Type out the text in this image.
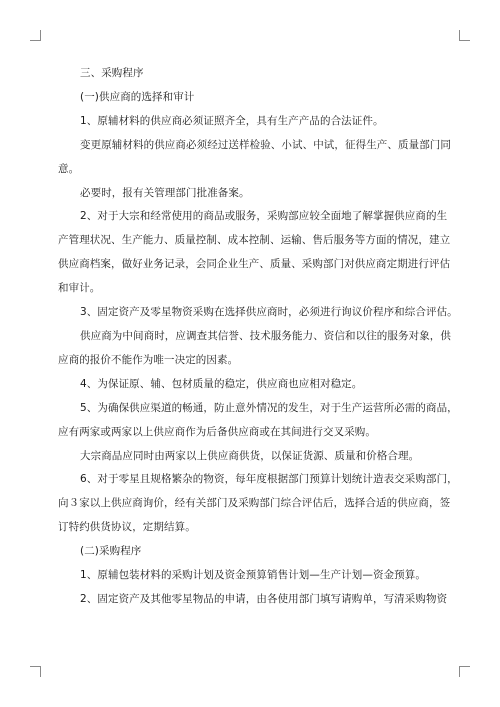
三、采购程序
(一)供应商的选择和审计
1、原辅材料的供应商必须证照齐全，具有生产产品的合法证件。
变更原辅材料的供应商必须经过送样检验、小试、中试，征得生产、质量部门同
意。
必要时，报有关管理部门批准备案。
2、对于大宗和经常使用的商品或服务，采购部应较全面地了解掌握供应商的生
产管理状况、生产能力、质量控制、成本控制、运输、售后服务等方面的情况，建立
供应商档案，做好业务记录，会同企业生产、质量、采购部门对供应商定期进行评估
和审计。
3、固定资产及零星物资采购在选择供应商时，必须进行询议价程序和综合评估。
供应商为中间商时，应调查其信誉、技术服务能力、资信和以往的服务对象，供
应商的报价不能作为唯一决定的因素。
4、为保证原、辅、包材质量的稳定，供应商也应相对稳定。
5、为确保供应渠道的畅通，防止意外情况的发生，对于生产运营所必需的商品，
应有两家或两家以上供应商作为后备供应商或在其间进行交叉采购。
大宗商品应同时由两家以上供应商供货，以保证货源、质量和价格合理。
6、对于零星且规格繁杂的物资，每年度根据部门预算计划统计造表交采购部门，
向３家以上供应商询价，经有关部门及采购部门综合评估后，选择合适的供应商，签
订特约供货协议，定期结算。
(二)采购程序
1、原辅包装材料的采购计划及资金预算销售计划—生产计划—资金预算。
2、固定资产及其他零星物品的申请，由各使用部门填写请购单，写清采购物资
